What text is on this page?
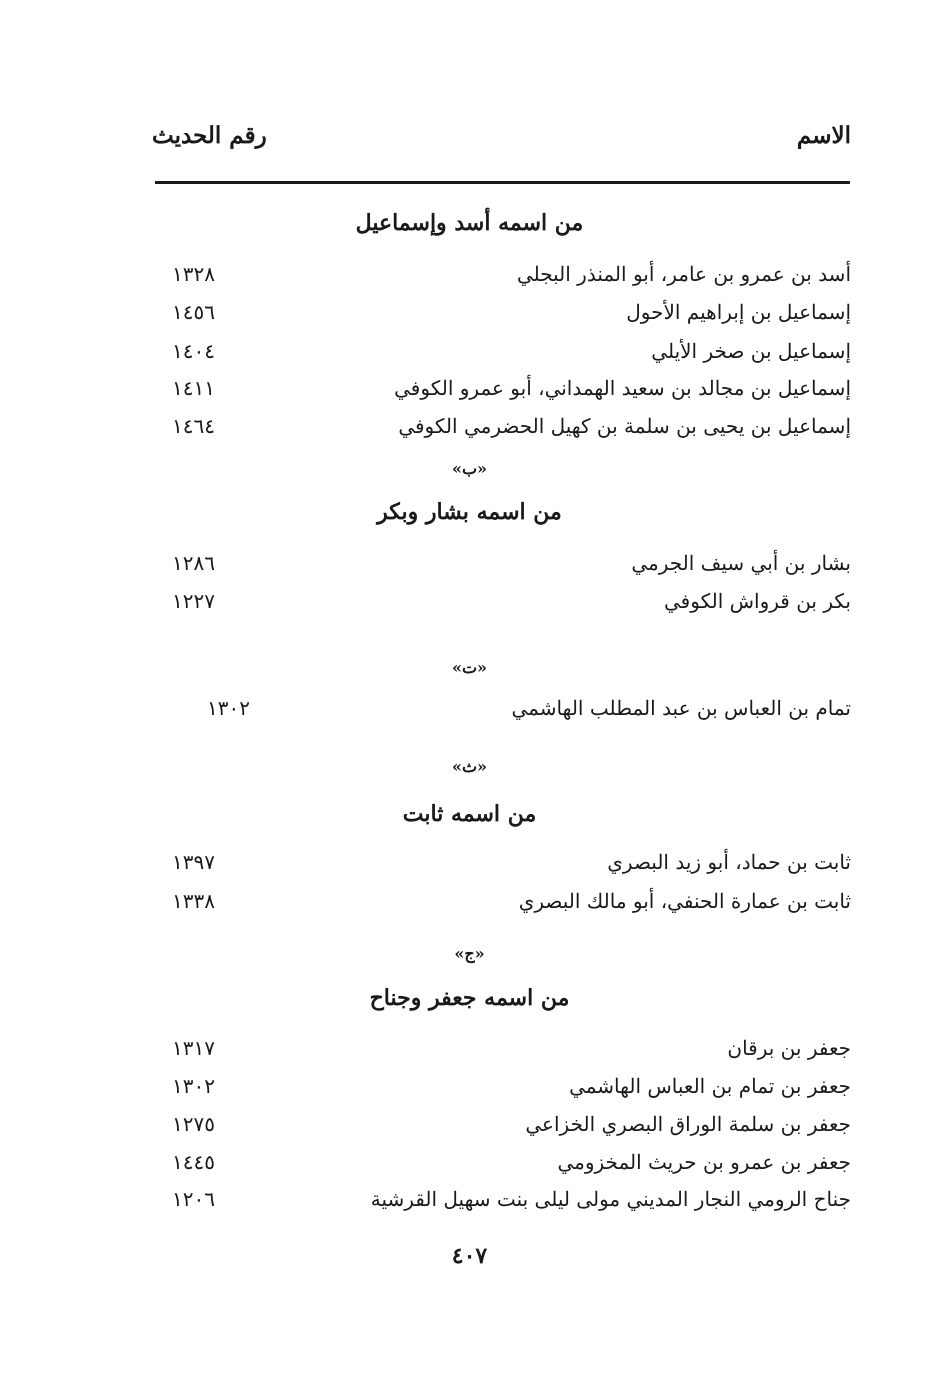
الاسم
رقم الحديث
من اسمه أسد وإسماعيل
أسد بن عمرو بن عامر، أبو المنذر البجلي
١٣٢٨
إسماعيل بن إبراهيم الأحول
١٤٥٦
إسماعيل بن صخر الأيلي
١٤٠٤
إسماعيل بن مجالد بن سعيد الهمداني، أبو عمرو الكوفي
١٤١١
إسماعيل بن يحيى بن سلمة بن كهيل الحضرمي الكوفي
١٤٦٤
«ب»
من اسمه بشار وبكر
بشار بن أبي سيف الجرمي
١٢٨٦
بكر بن قرواش الكوفي
١٢٢٧
«ت»
تمام بن العباس بن عبد المطلب الهاشمي
١٣٠٢
«ث»
من اسمه ثابت
ثابت بن حماد، أبو زيد البصري
١٣٩٧
ثابت بن عمارة الحنفي، أبو مالك البصري
١٣٣٨
«ج»
من اسمه جعفر وجناح
جعفر بن برقان
١٣١٧
جعفر بن تمام بن العباس الهاشمي
١٣٠٢
جعفر بن سلمة الوراق البصري الخزاعي
١٢٧٥
جعفر بن عمرو بن حريث المخزومي
١٤٤٥
جناح الرومي النجار المديني مولى ليلى بنت سهيل القرشية
١٢٠٦
٤٠٧
